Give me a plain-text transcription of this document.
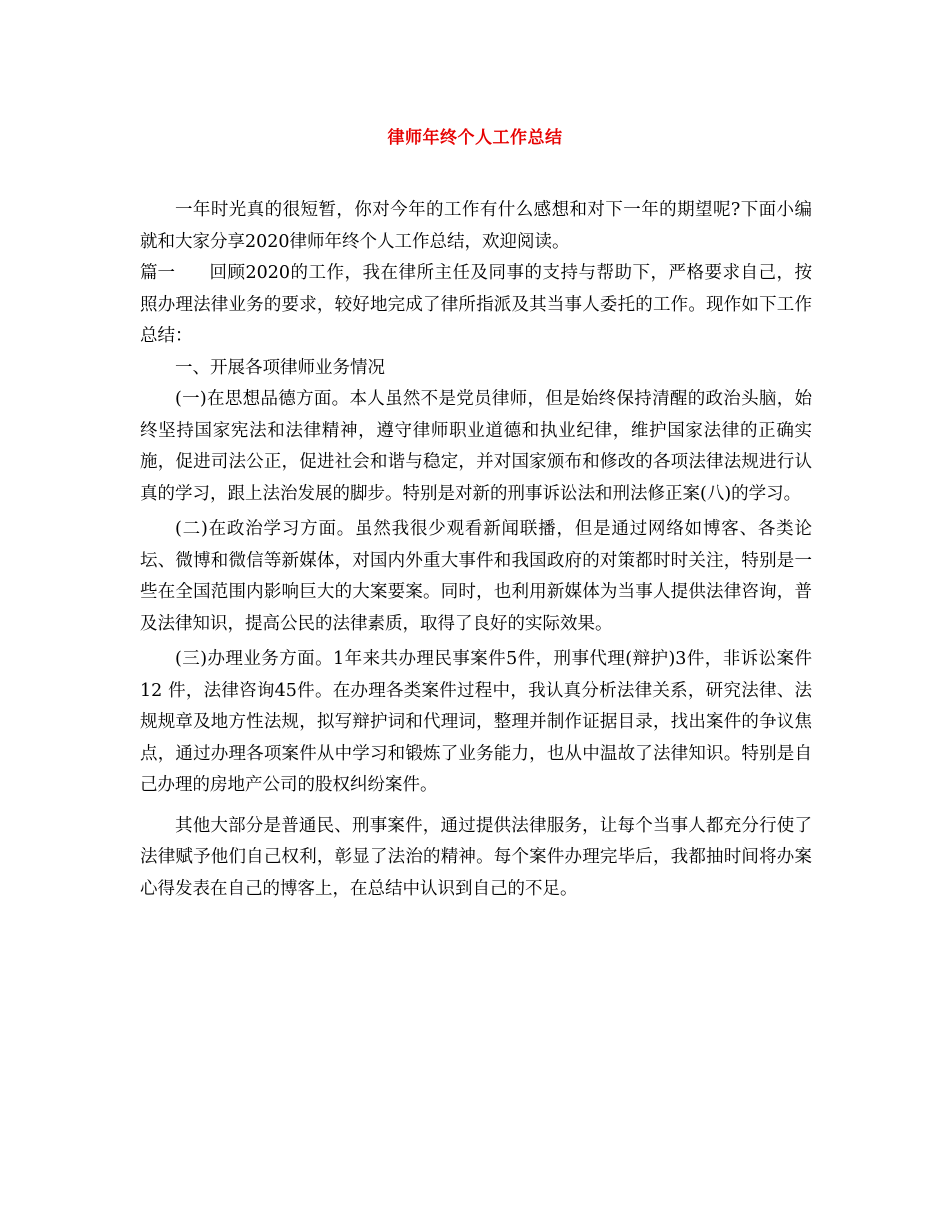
律师年终个人工作总结

一年时光真的很短暂，你对今年的工作有什么感想和对下一年的期望呢?下面小编就和大家分享2020律师年终个人工作总结，欢迎阅读。

篇一 回顾2020的工作，我在律所主任及同事的支持与帮助下，严格要求自己，按照办理法律业务的要求，较好地完成了律所指派及其当事人委托的工作。现作如下工作总结：

一、开展各项律师业务情况

(一)在思想品德方面。本人虽然不是党员律师，但是始终保持清醒的政治头脑，始终坚持国家宪法和法律精神，遵守律师职业道德和执业纪律，维护国家法律的正确实施，促进司法公正，促进社会和谐与稳定，并对国家颁布和修改的各项法律法规进行认真的学习，跟上法治发展的脚步。特别是对新的刑事诉讼法和刑法修正案(八)的学习。

(二)在政治学习方面。虽然我很少观看新闻联播，但是通过网络如博客、各类论坛、微博和微信等新媒体，对国内外重大事件和我国政府的对策都时时关注，特别是一些在全国范围内影响巨大的大案要案。同时，也利用新媒体为当事人提供法律咨询，普及法律知识，提高公民的法律素质，取得了良好的实际效果。

(三)办理业务方面。1年来共办理民事案件5件，刑事代理(辩护)3件，非诉讼案件12 件，法律咨询45件。在办理各类案件过程中，我认真分析法律关系，研究法律、法规规章及地方性法规，拟写辩护词和代理词，整理并制作证据目录，找出案件的争议焦点，通过办理各项案件从中学习和锻炼了业务能力，也从中温故了法律知识。特别是自己办理的房地产公司的股权纠纷案件。

其他大部分是普通民、刑事案件，通过提供法律服务，让每个当事人都充分行使了法律赋予他们自己权利，彰显了法治的精神。每个案件办理完毕后，我都抽时间将办案心得发表在自己的博客上，在总结中认识到自己的不足。
